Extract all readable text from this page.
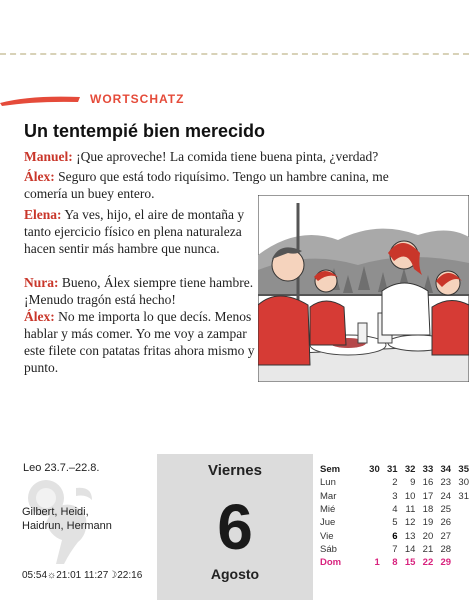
WORTSCHATZ
Un tentempié bien merecido
Manuel: ¡Que aproveche! La comida tiene buena pinta, ¿verdad?
Álex: Seguro que está todo riquísimo. Tengo un hambre canina, me comería un buey entero.
Elena: Ya ves, hijo, el aire de montaña y tanto ejercicio físico en plena naturaleza hacen sentir más hambre que nunca.
Nura: Bueno, Álex siempre tiene hambre. ¡Menudo tragón está hecho!
Álex: No me importa lo que decís. Menos hablar y más comer. Yo me voy a zampar este filete con patatas fritas ahora mismo y punto.
Leo 23.7.–22.8.
Gilbert, Heidi,
Haidrun, Hermann
05:54☼21:01 11:27☽22:16
Viernes
6
Agosto
Sem		30	31	32	33	34	35
Lun			2	9	16	23	30
Mar			3	10	17	24	31
Mié			4	11	18	25	
Jue			5	12	19	26	
Vie			6	13	20	27	
Sáb			7	14	21	28	
Dom		1	8	15	22	29	
